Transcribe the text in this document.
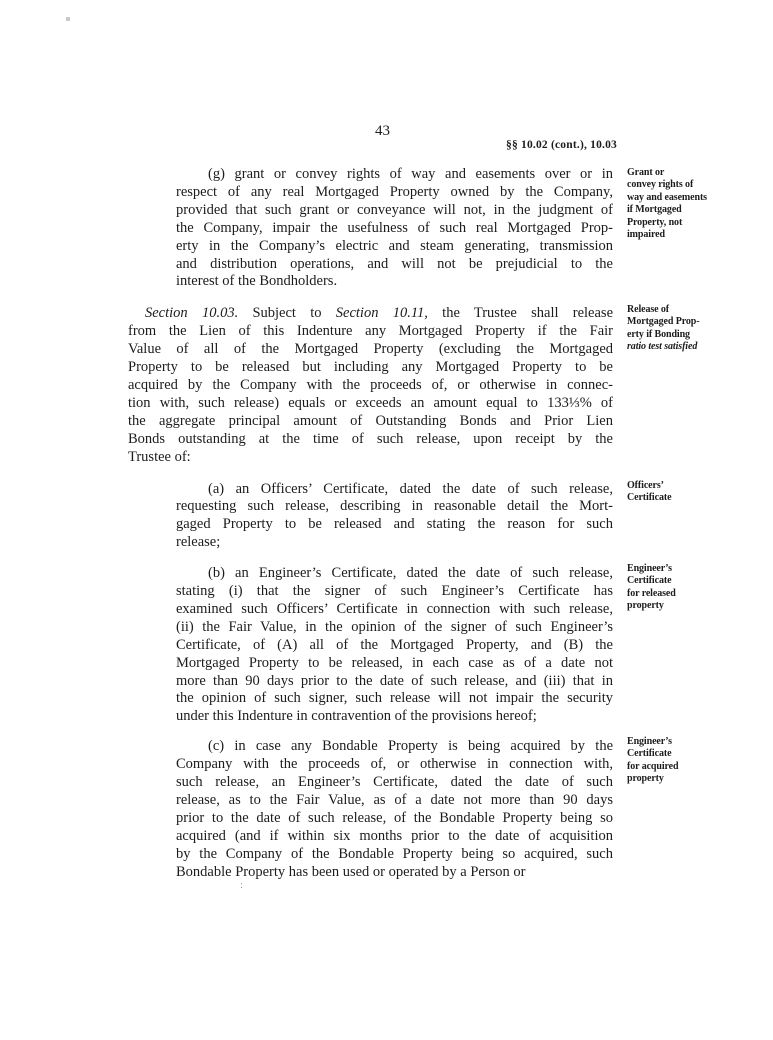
43
§§ 10.02 (cont.), 10.03
(g) grant or convey rights of way and easements over or in
respect of any real Mortgaged Property owned by the Company,
provided that such grant or conveyance will not, in the judgment of
the Company, impair the usefulness of such real Mortgaged Prop-
erty in the Company’s electric and steam generating, transmission
and distribution operations, and will not be prejudicial to the
interest of the Bondholders.
Section 10.03. Subject to Section 10.11, the Trustee shall release
from the Lien of this Indenture any Mortgaged Property if the Fair
Value of all of the Mortgaged Property (excluding the Mortgaged
Property to be released but including any Mortgaged Property to be
acquired by the Company with the proceeds of, or otherwise in connec-
tion with, such release) equals or exceeds an amount equal to 133⅓% of
the aggregate principal amount of Outstanding Bonds and Prior Lien
Bonds outstanding at the time of such release, upon receipt by the
Trustee of:
(a) an Officers’ Certificate, dated the date of such release,
requesting such release, describing in reasonable detail the Mort-
gaged Property to be released and stating the reason for such
release;
(b) an Engineer’s Certificate, dated the date of such release,
stating (i) that the signer of such Engineer’s Certificate has
examined such Officers’ Certificate in connection with such release,
(ii) the Fair Value, in the opinion of the signer of such Engineer’s
Certificate, of (A) all of the Mortgaged Property, and (B) the
Mortgaged Property to be released, in each case as of a date not
more than 90 days prior to the date of such release, and (iii) that in
the opinion of such signer, such release will not impair the security
under this Indenture in contravention of the provisions hereof;
(c) in case any Bondable Property is being acquired by the
Company with the proceeds of, or otherwise in connection with,
such release, an Engineer’s Certificate, dated the date of such
release, as to the Fair Value, as of a date not more than 90 days
prior to the date of such release, of the Bondable Property being so
acquired (and if within six months prior to the date of acquisition
by the Company of the Bondable Property being so acquired, such
Bondable Property has been used or operated by a Person or
Grant or
convey rights of
way and easements
if Mortgaged
Property, not
impaired
Release of
Mortgaged Prop-
erty if Bonding
ratio test satisfied
Officers’
Certificate
Engineer’s
Certificate
for released
property
Engineer’s
Certificate
for acquired
property
:
